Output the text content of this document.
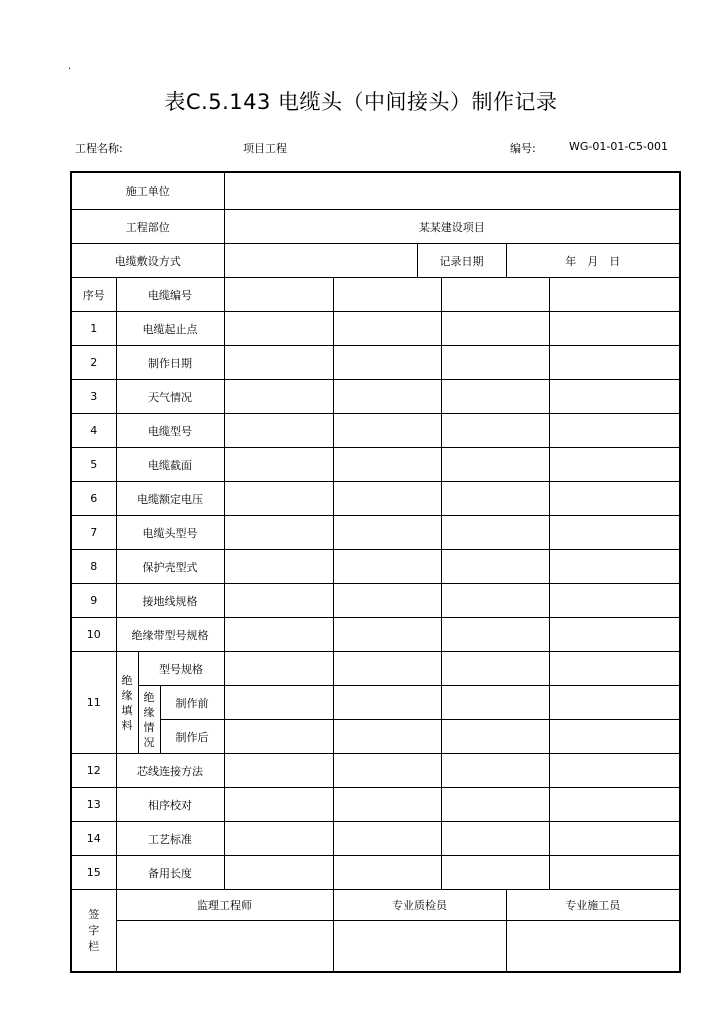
·
表C.5.143 电缆头（中间接头）制作记录
工程名称:	项目工程	编号:	WG-01-01-C5-001
施工单位									
工程部位				某某建设项目					
电缆敷设方式						记录日期		年　月　日	
序号	电缆编号								
1	电缆起止点								
2	制作日期								
3	天气情况								
4	电缆型号								
5	电缆截面								
6	电缆额定电压								
7	电缆头型号								
8	保护壳型式								
9	接地线规格								
10	绝缘带型号规格								
11	绝缘填料	型号规格							

		绝缘情况	制作前						
			制作后						
12	芯线连接方法								
13	相序校对								
14	工艺标准								
15	备用长度								

签字栏	监理工程师				专业质检员			专业施工员	
